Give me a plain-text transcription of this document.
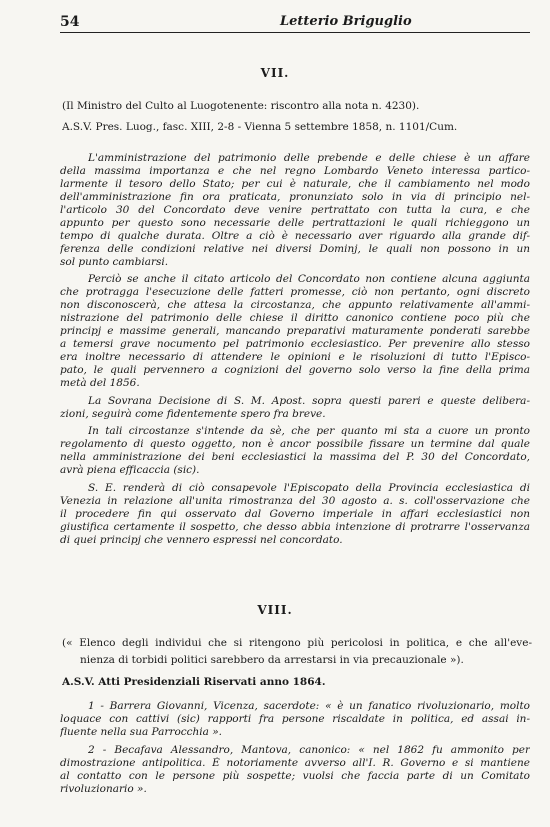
54	Letterio Briguglio
VII.
(Il Ministro del Culto al Luogotenente: riscontro alla nota n. 4230).
A.S.V. Pres. Luog., fasc. XIII, 2-8 - Vienna 5 settembre 1858, n. 1101/Cum.
L'amministrazione del patrimonio delle prebende e delle chiese è un affare
della massima importanza e che nel regno Lombardo Veneto interessa partico-
larmente il tesoro dello Stato; per cui è naturale, che il cambiamento nel modo
dell'amministrazione fin ora praticata, pronunziato solo in via di principio nel-
l'articolo 30 del Concordato deve venire pertrattato con tutta la cura, e che
appunto per questo sono necessarie delle pertrattazioni le quali richieggono un
tempo di qualche durata. Oltre a ciò è necessario aver riguardo alla grande dif-
ferenza delle condizioni relative nei diversi Dominj, le quali non possono in un
sol punto cambiarsi.
Perciò se anche il citato articolo del Concordato non contiene alcuna aggiunta
che protragga l'esecuzione delle fatteri promesse, ciò non pertanto, ogni discreto
non disconoscerà, che attesa la circostanza, che appunto relativamente all'ammi-
nistrazione del patrimonio delle chiese il diritto canonico contiene poco più che
principj e massime generali, mancando preparativi maturamente ponderati sarebbe
a temersi grave nocumento pel patrimonio ecclesiastico. Per prevenire allo stesso
era inoltre necessario di attendere le opinioni e le risoluzioni di tutto l'Episco-
pato, le quali pervennero a cognizioni del governo solo verso la fine della prima
metà del 1856.
La Sovrana Decisione di S. M. Apost. sopra questi pareri e queste delibera-
zioni, seguirà come fidentemente spero fra breve.
In tali circostanze s'intende da sè, che per quanto mi sta a cuore un pronto
regolamento di questo oggetto, non è ancor possibile fissare un termine dal quale
nella amministrazione dei beni ecclesiastici la massima del P. 30 del Concordato,
avrà piena efficaccia (sic).
S. E. renderà di ciò consapevole l'Episcopato della Provincia ecclesiastica di
Venezia in relazione all'unita rimostranza del 30 agosto a. s. coll'osservazione che
il procedere fin qui osservato dal Governo imperiale in affari ecclesiastici non
giustifica certamente il sospetto, che desso abbia intenzione di protrarre l'osservanza
di quei principj che vennero espressi nel concordato.
VIII.
(« Elenco degli individui che si ritengono più pericolosi in politica, e che all'eve-
nienza di torbidi politici sarebbero da arrestarsi in via precauzionale »).
A.S.V. Atti Presidenziali Riservati anno 1864.
1 - Barrera Giovanni, Vicenza, sacerdote: « è un fanatico rivoluzionario, molto
loquace con cattivi (sic) rapporti fra persone riscaldate in politica, ed assai in-
fluente nella sua Parrocchia ».
2 - Becafava Alessandro, Mantova, canonico: « nel 1862 fu ammonito per
dimostrazione antipolitica. È notoriamente avverso all'I. R. Governo e si mantiene
al contatto con le persone più sospette; vuolsi che faccia parte di un Comitato
rivoluzionario ».
